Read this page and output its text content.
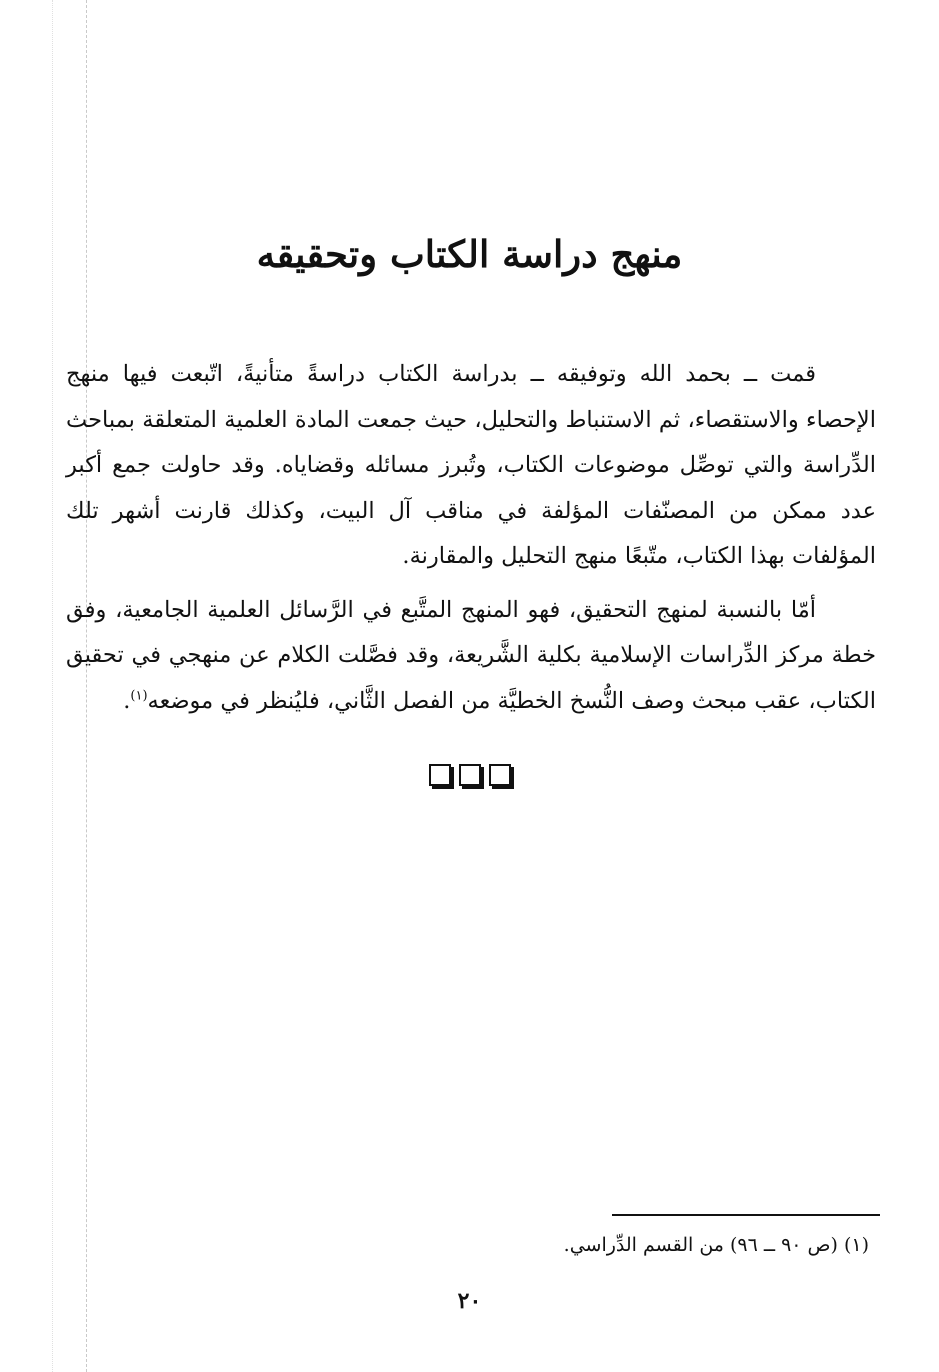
منهج دراسة الكتاب وتحقيقه

قمت ــ بحمد الله وتوفيقه ــ بدراسة الكتاب دراسةً متأنيةً، اتّبعت فيها منهج الإحصاء والاستقصاء، ثم الاستنباط والتحليل، حيث جمعت المادة العلمية المتعلقة بمباحث الدِّراسة والتي توصِّل موضوعات الكتاب، وتُبرز مسائله وقضاياه. وقد حاولت جمع أكبر عدد ممكن من المصنّفات المؤلفة في مناقب آل البيت، وكذلك قارنت أشهر تلك المؤلفات بهذا الكتاب، متّبعًا منهج التحليل والمقارنة.

أمّا بالنسبة لمنهج التحقيق، فهو المنهج المتَّبع في الرَّسائل العلمية الجامعية، وفق خطة مركز الدِّراسات الإسلامية بكلية الشَّريعة، وقد فصَّلت الكلام عن منهجي في تحقيق الكتاب، عقب مبحث وصف النُّسخ الخطيَّة من الفصل الثَّاني، فليُنظر في موضعه$^{(١)}$.

(١) (ص ٩٠ ــ ٩٦) من القسم الدِّراسي.

٢٠
